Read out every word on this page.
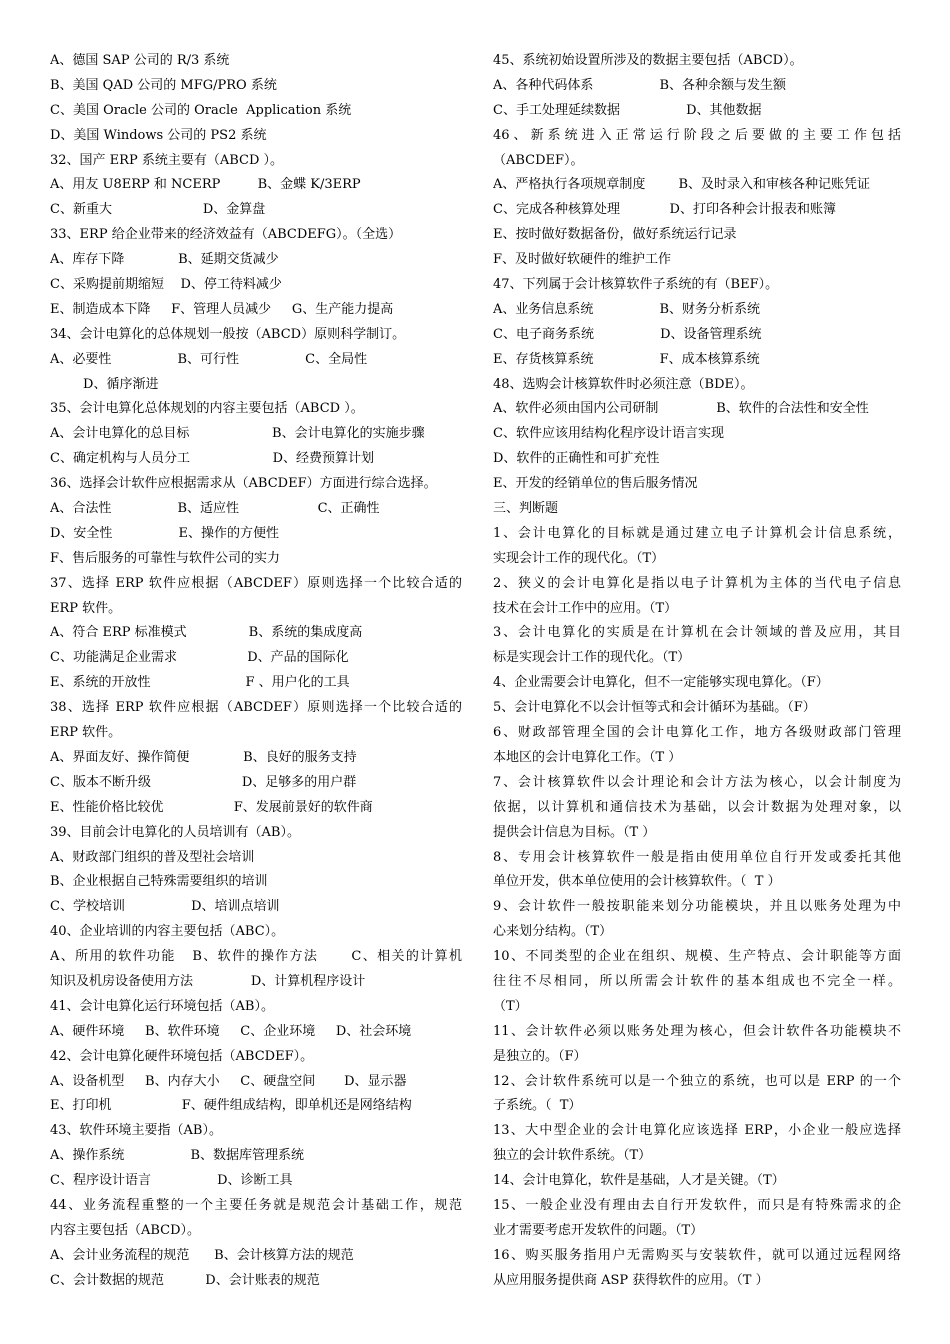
A、德国 SAP 公司的 R/3 系统
B、美国 QAD 公司的 MFG/PRO 系统
C、美国 Oracle 公司的 Oracle  Application 系统
D、美国 Windows 公司的 PS2 系统
32、国产 ERP 系统主要有（ABCD ）。
A、用友 U8ERP 和 NCERP         B、金蝶 K/3ERP
C、新重大                      D、金算盘
33、ERP 给企业带来的经济效益有（ABCDEFG）。（全选）
A、库存下降             B、延期交货减少
C、采购提前期缩短    D、停工待料减少
E、制造成本下降     F、管理人员减少     G、生产能力提高
34、会计电算化的总体规划一般按（ABCD）原则科学制订。
A、必要性                B、可行性                C、全局性
D、循序渐进
35、会计电算化总体规划的内容主要包括（ABCD ）。
A、会计电算化的总目标                    B、会计电算化的实施步骤
C、确定机构与人员分工                    D、经费预算计划
36、选择会计软件应根据需求从（ABCDEF）方面进行综合选择。
A、合法性                B、适应性                   C、正确性
D、安全性                E、操作的方便性
F、售后服务的可靠性与软件公司的实力
37、选择 ERP 软件应根据（ABCDEF）原则选择一个比较合适的
ERP 软件。
A、符合 ERP 标准模式               B、系统的集成度高
C、功能满足企业需求                 D、产品的国际化
E、系统的开放性                       F 、用户化的工具
38、选择 ERP 软件应根据（ABCDEF）原则选择一个比较合适的
ERP 软件。
A、界面友好、操作简便             B、良好的服务支持
C、版本不断升级                      D、足够多的用户群
E、性能价格比较优                 F、发展前景好的软件商
39、目前会计电算化的人员培训有（AB）。
A、财政部门组织的普及型社会培训
B、企业根据自己特殊需要组织的培训
C、学校培训                D、培训点培训
40、企业培训的内容主要包括（ABC）。
A、所用的软件功能   B、软件的操作方法      C、相关的计算机
知识及机房设备使用方法              D、计算机程序设计
41、会计电算化运行环境包括（AB）。
A、硬件环境     B、软件环境     C、企业环境     D、社会环境
42、会计电算化硬件环境包括（ABCDEF）。
A、设备机型     B、内存大小     C、硬盘空间       D、显示器
E、打印机                 F、硬件组成结构，即单机还是网络结构
43、软件环境主要指（AB）。
A、操作系统                B、数据库管理系统
C、程序设计语言                D、诊断工具
44、业务流程重整的一个主要任务就是规范会计基础工作，规范
内容主要包括（ABCD）。
A、会计业务流程的规范      B、会计核算方法的规范
C、会计数据的规范          D、会计账表的规范
45、系统初始设置所涉及的数据主要包括（ABCD）。
A、各种代码体系                B、各种余额与发生额
C、手工处理延续数据                D、其他数据
46、新系统进入正常运行阶段之后要做的主要工作包括
（ABCDEF）。
A、严格执行各项规章制度        B、及时录入和审核各种记账凭证
C、完成各种核算处理            D、打印各种会计报表和账簿
E、按时做好数据备份，做好系统运行记录
F、及时做好软硬件的维护工作
47、下列属于会计核算软件子系统的有（BEF）。
A、业务信息系统                B、财务分析系统
C、电子商务系统                D、设备管理系统
E、存货核算系统                F、成本核算系统
48、选购会计核算软件时必须注意（BDE）。
A、软件必须由国内公司研制              B、软件的合法性和安全性
C、软件应该用结构化程序设计语言实现
D、软件的正确性和可扩充性
E、开发的经销单位的售后服务情况
三、判断题
1、会计电算化的目标就是通过建立电子计算机会计信息系统，
实现会计工作的现代化。（T）
2、狭义的会计电算化是指以电子计算机为主体的当代电子信息
技术在会计工作中的应用。（T）
3、会计电算化的实质是在计算机在会计领域的普及应用，其目
标是实现会计工作的现代化。（T）
4、企业需要会计电算化，但不一定能够实现电算化。（F）
5、会计电算化不以会计恒等式和会计循环为基础。（F）
6、财政部管理全国的会计电算化工作，地方各级财政部门管理
本地区的会计电算化工作。（T ）
7、会计核算软件以会计理论和会计方法为核心，以会计制度为
依据，以计算机和通信技术为基础，以会计数据为处理对象，以
提供会计信息为目标。（T ）
8、专用会计核算软件一般是指由使用单位自行开发或委托其他
单位开发，供本单位使用的会计核算软件。（  T ）
9、会计软件一般按职能来划分功能模块，并且以账务处理为中
心来划分结构。（T）
10、不同类型的企业在组织、规模、生产特点、会计职能等方面
往往不尽相同，所以所需会计软件的基本组成也不完全一样。
（T）
11、会计软件必须以账务处理为核心，但会计软件各功能模块不
是独立的。（F）
12、会计软件系统可以是一个独立的系统，也可以是 ERP 的一个
子系统。（  T）
13、大中型企业的会计电算化应该选择 ERP，小企业一般应选择
独立的会计软件系统。（T）
14、会计电算化，软件是基础，人才是关键。（T）
15、一般企业没有理由去自行开发软件，而只是有特殊需求的企
业才需要考虑开发软件的问题。（T）
16、购买服务指用户无需购买与安装软件，就可以通过远程网络
从应用服务提供商 ASP 获得软件的应用。（T ）
